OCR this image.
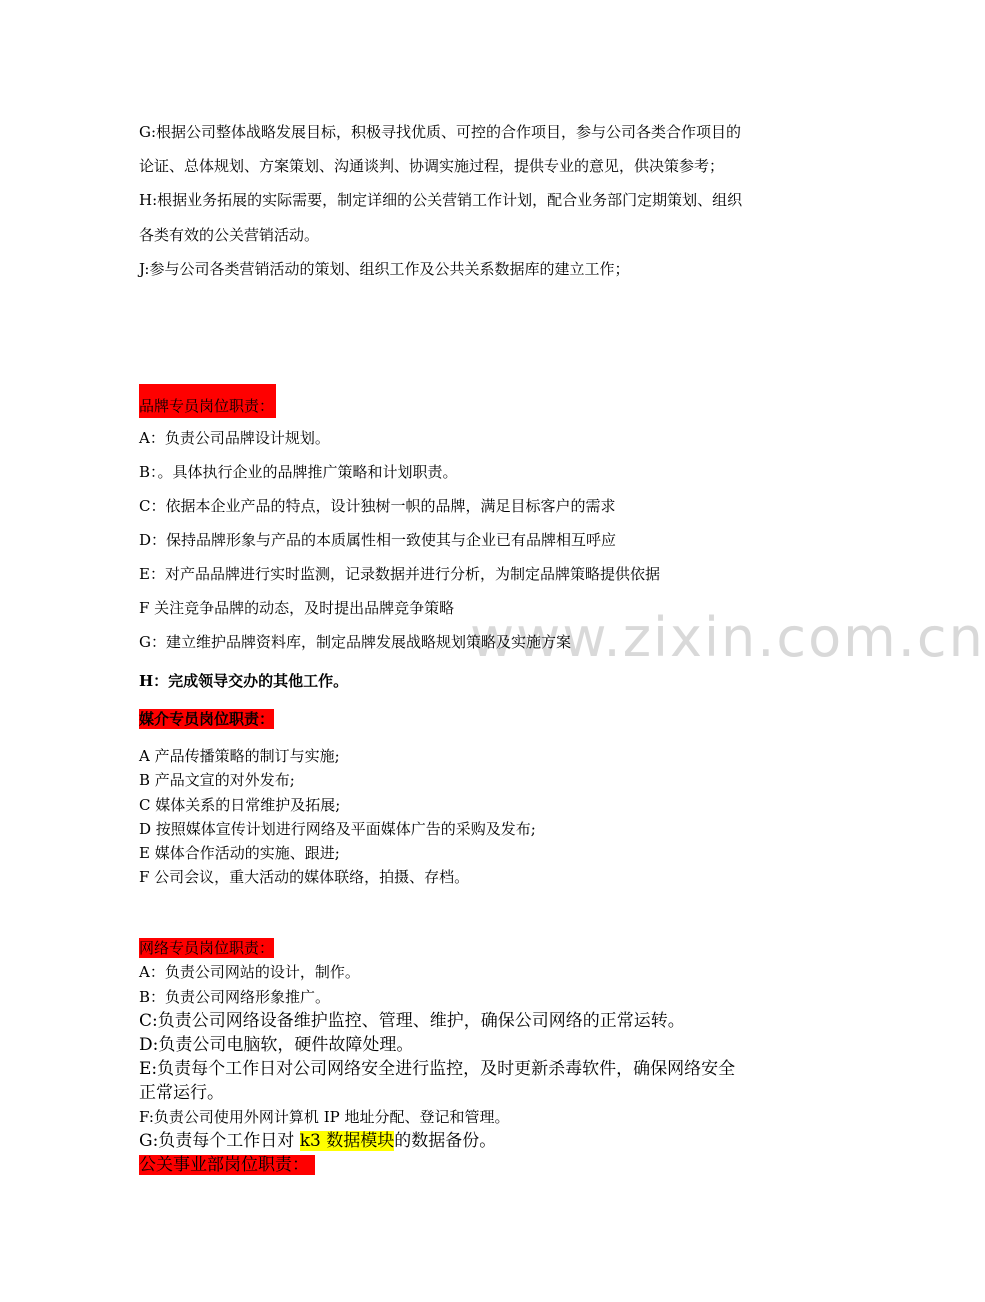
www.zixin.com.cn
G:根据公司整体战略发展目标，积极寻找优质、可控的合作项目，参与公司各类合作项目的
论证、总体规划、方案策划、沟通谈判、协调实施过程，提供专业的意见，供决策参考；
H:根据业务拓展的实际需要，制定详细的公关营销工作计划，配合业务部门定期策划、组织
各类有效的公关营销活动。
J:参与公司各类营销活动的策划、组织工作及公共关系数据库的建立工作；
品牌专员岗位职责：
A：负责公司品牌设计规划。
B：。具体执行企业的品牌推广策略和计划职责。
C：依据本企业产品的特点，设计独树一帜的品牌，满足目标客户的需求
D：保持品牌形象与产品的本质属性相一致使其与企业已有品牌相互呼应
E：对产品品牌进行实时监测，记录数据并进行分析，为制定品牌策略提供依据
F 关注竞争品牌的动态，及时提出品牌竞争策略
G：建立维护品牌资料库，制定品牌发展战略规划策略及实施方案
H：完成领导交办的其他工作。
媒介专员岗位职责：
A 产品传播策略的制订与实施;
B 产品文宣的对外发布;
C 媒体关系的日常维护及拓展;
D 按照媒体宣传计划进行网络及平面媒体广告的采购及发布;
E 媒体合作活动的实施、跟进;
F 公司会议，重大活动的媒体联络，拍摄、存档。
网络专员岗位职责：
A：负责公司网站的设计，制作。
B：负责公司网络形象推广。
C:负责公司网络设备维护监控、管理、维护，确保公司网络的正常运转。
D:负责公司电脑软，硬件故障处理。
E:负责每个工作日对公司网络安全进行监控，及时更新杀毒软件，确保网络安全
正常运行。
F:负责公司使用外网计算机 IP 地址分配、登记和管理。
G:负责每个工作日对 k3 数据模块的数据备份。
公关事业部岗位职责：
